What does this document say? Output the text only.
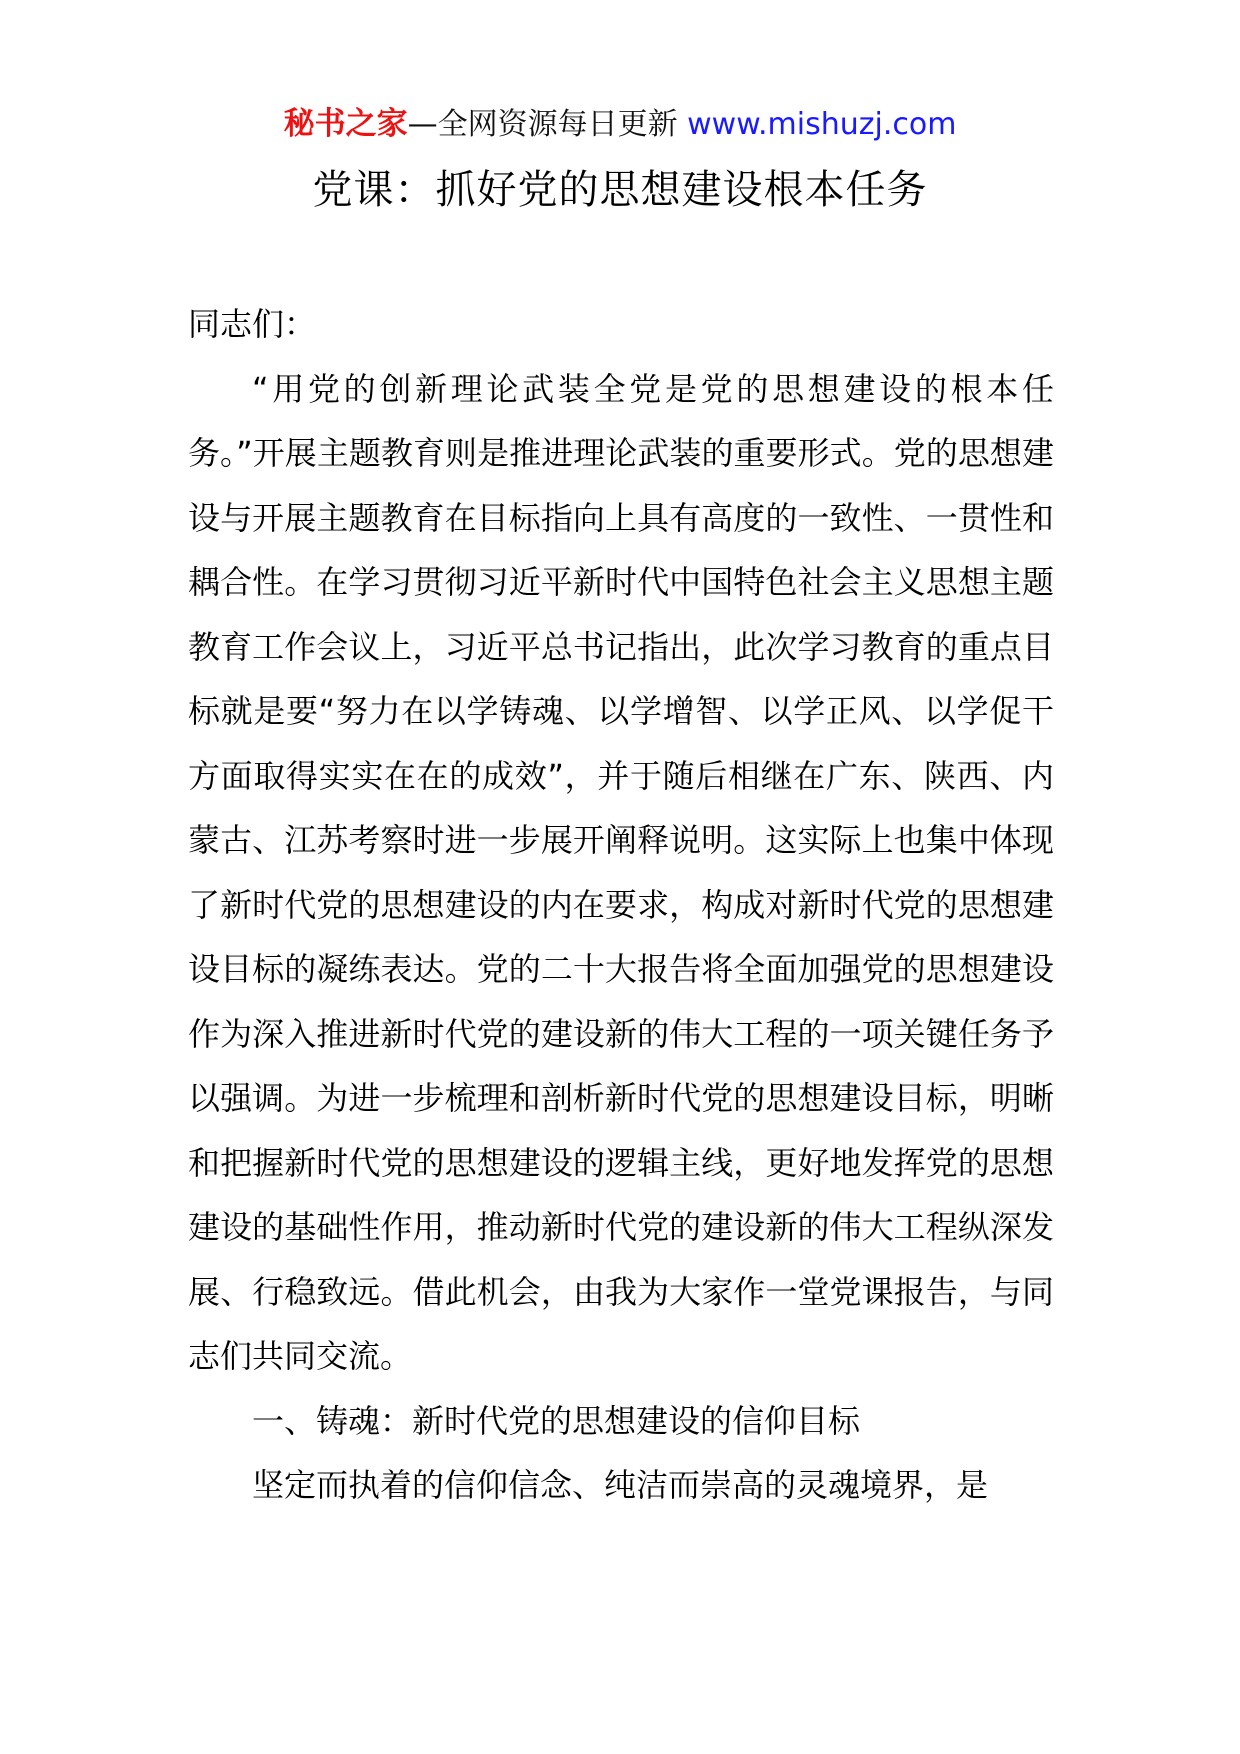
秘书之家—全网资源每日更新 www.mishuzj.com
党课：抓好党的思想建设根本任务

同志们：

“用党的创新理论武装全党是党的思想建设的根本任务。”开展主题教育则是推进理论武装的重要形式。党的思想建设与开展主题教育在目标指向上具有高度的一致性、一贯性和耦合性。在学习贯彻习近平新时代中国特色社会主义思想主题教育工作会议上，习近平总书记指出，此次学习教育的重点目标就是要“努力在以学铸魂、以学增智、以学正风、以学促干方面取得实实在在的成效”，并于随后相继在广东、陕西、内蒙古、江苏考察时进一步展开阐释说明。这实际上也集中体现了新时代党的思想建设的内在要求，构成对新时代党的思想建设目标的凝练表达。党的二十大报告将全面加强党的思想建设作为深入推进新时代党的建设新的伟大工程的一项关键任务予以强调。为进一步梳理和剖析新时代党的思想建设目标，明晰和把握新时代党的思想建设的逻辑主线，更好地发挥党的思想建设的基础性作用，推动新时代党的建设新的伟大工程纵深发展、行稳致远。借此机会，由我为大家作一堂党课报告，与同志们共同交流。

一、铸魂：新时代党的思想建设的信仰目标

坚定而执着的信仰信念、纯洁而崇高的灵魂境界，是
